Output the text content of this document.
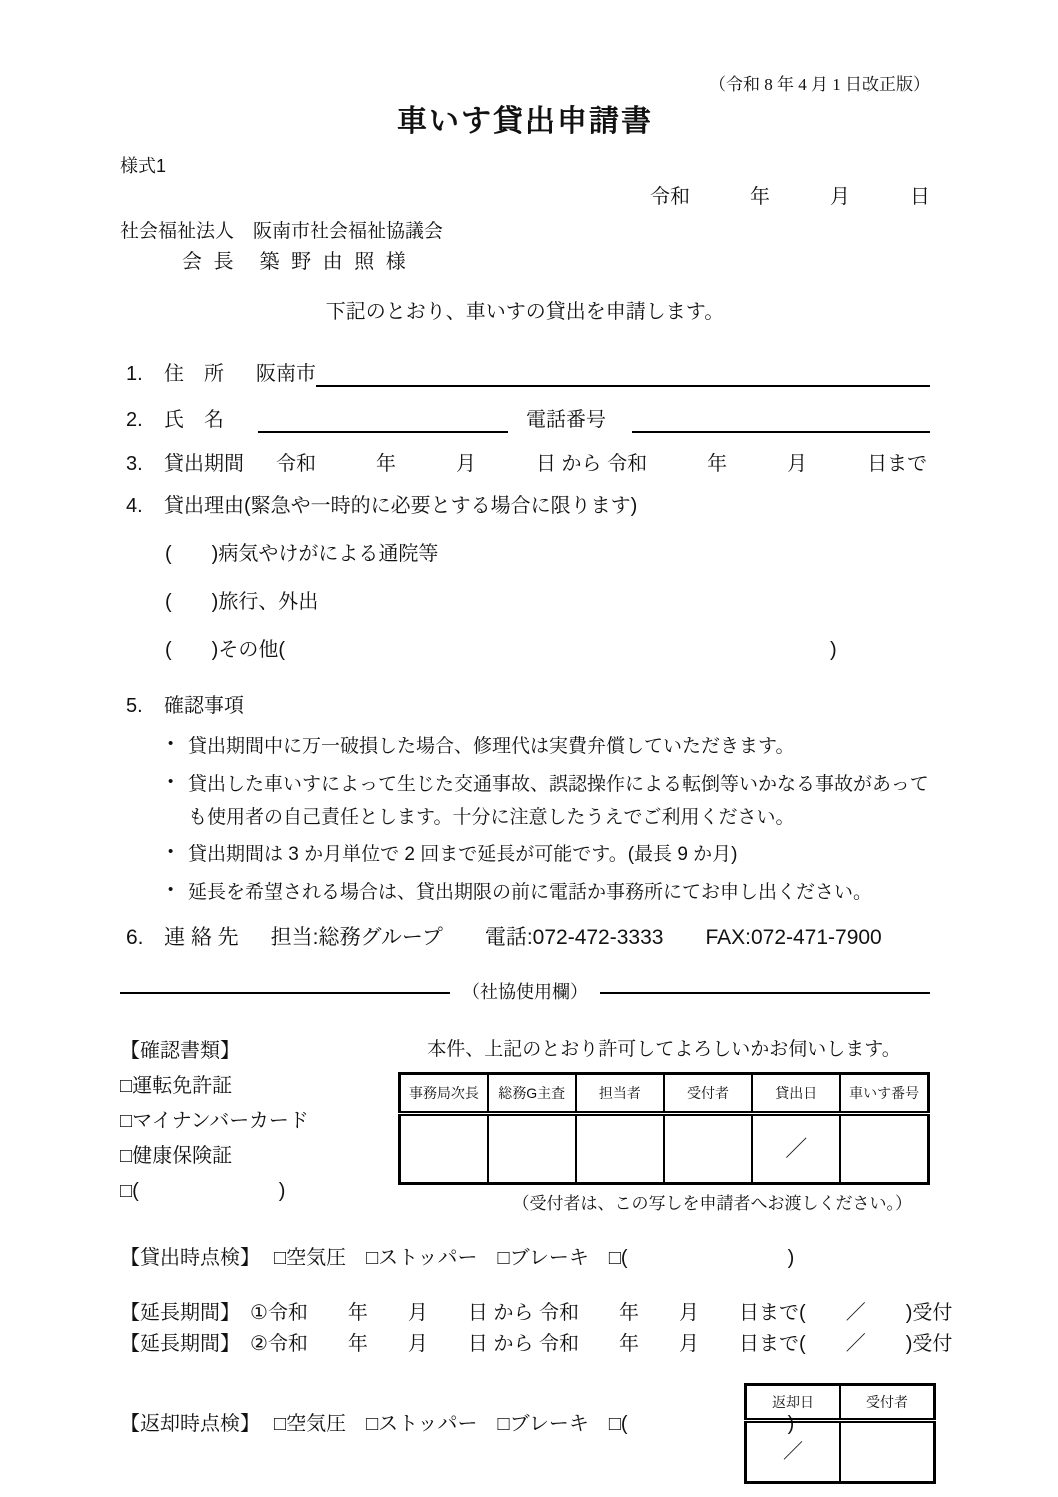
（令和 8 年 4 月 1 日改正版）
車いす貸出申請書
様式1
令和　　　年　　　月　　　日
社会福祉法人　阪南市社会福祉協議会
会 長　築 野 由 照 様
下記のとおり、車いすの貸出を申請します。
1.	住　所 阪南市
2.	氏　名	電話番号
3.	貸出期間 令和　　　年　　　月　　　日 から 令和　　　年　　　月　　　日まで
4.	貸出理由(緊急や一時的に必要とする場合に限ります)
(　　)病気やけがによる通院等
(　　)旅行、外出
(　　)その他(	)
5.	確認事項
• 貸出期間中に万一破損した場合、修理代は実費弁償していただきます。
• 貸出した車いすによって生じた交通事故、誤認操作による転倒等いかなる事故があっても使用者の自己責任とします。十分に注意したうえでご利用ください。
• 貸出期間は 3 か月単位で 2 回まで延長が可能です。(最長 9 か月)
• 延長を希望される場合は、貸出期限の前に電話か事務所にてお申し出ください。
6. 連 絡 先 担当:総務グループ　　電話:072-472-3333　　FAX:072-471-7900
（社協使用欄）
【確認書類】
□運転免許証
□マイナンバーカード
□健康保険証
□(　　　　　　　)
本件、上記のとおり許可してよろしいかお伺いします。
事務局次長	総務G主査	担当者	受付者	貸出日	車いす番号
				／	
（受付者は、この写しを申請者へお渡しください。）
【貸出時点検】 □空気圧　□ストッパー　□ブレーキ　□(　　　　　　　　)
【延長期間】 ① 令和　　年　　月　　日 から 令和　　年　　月　　日まで(　　／　　)受付
【延長期間】 ② 令和　　年　　月　　日 から 令和　　年　　月　　日まで(　　／　　)受付
【返却時点検】 □空気圧　□ストッパー　□ブレーキ　□(　　　　　　　　)
返却日	受付者
／	
